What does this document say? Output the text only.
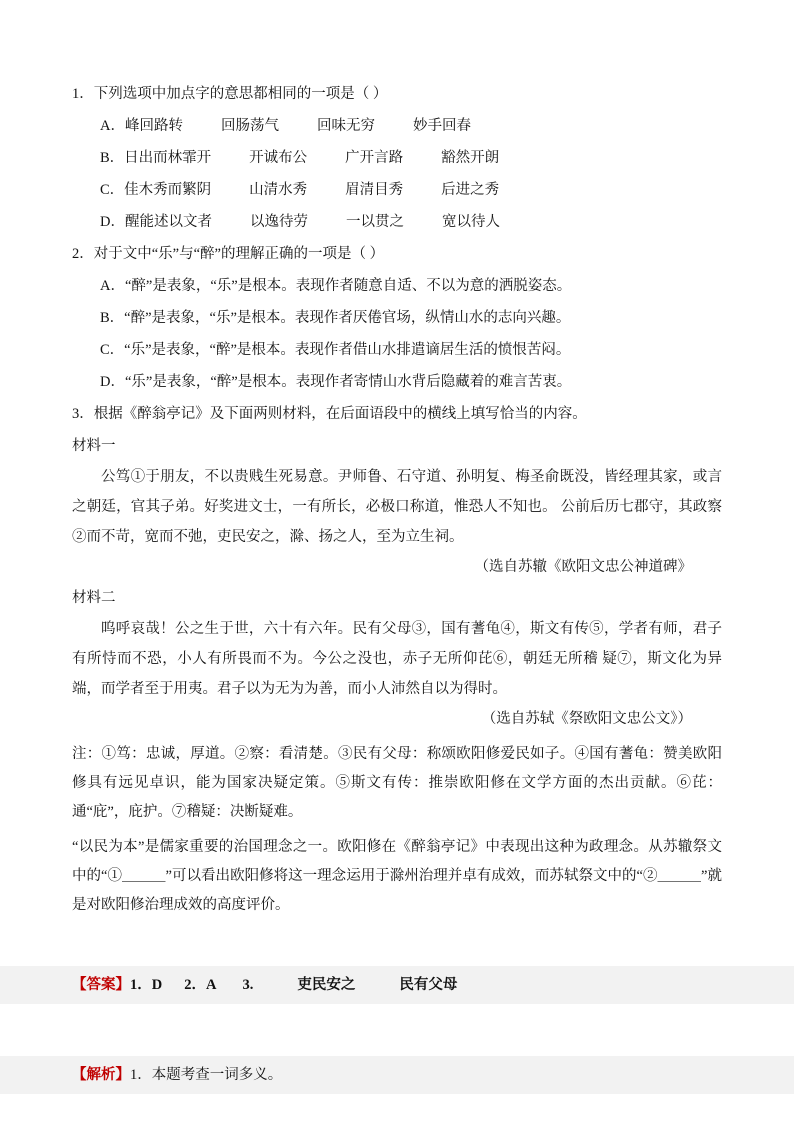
1．下列选项中加点字的意思都相同的一项是（ ）

A．峰回路转	回肠荡气	回味无穷	妙手回春

B．日出而林霏开	开诚布公	广开言路	豁然开朗

C．佳木秀而繁阴	山清水秀	眉清目秀	后进之秀

D．醒能述以文者	以逸待劳	一以贯之	宽以待人

2．对于文中“乐”与“醉”的理解正确的一项是（ ）

A．“醉”是表象，“乐”是根本。表现作者随意自适、不以为意的洒脱姿态。

B．“醉”是表象，“乐”是根本。表现作者厌倦官场，纵情山水的志向兴趣。

C．“乐”是表象，“醉”是根本。表现作者借山水排遣谪居生活的愤恨苦闷。

D．“乐”是表象，“醉”是根本。表现作者寄情山水背后隐藏着的难言苦衷。

3．根据《醉翁亭记》及下面两则材料，在后面语段中的横线上填写恰当的内容。

材料一

公笃①于朋友，不以贵贱生死易意。尹师鲁、石守道、孙明复、梅圣俞既没，皆经理其家，或言之朝廷，官其子弟。好奖进文士，一有所长，必极口称道，惟恐人不知也。 公前后历七郡守，其政察②而不苛，宽而不弛，吏民安之，滁、扬之人，至为立生祠。

（选自苏辙《欧阳文忠公神道碑》

材料二

呜呼哀哉！公之生于世，六十有六年。民有父母③，国有蓍龟④，斯文有传⑤，学者有师，君子有所恃而不恐，小人有所畏而不为。今公之没也，赤子无所仰芘⑥，朝廷无所稽 疑⑦，斯文化为异端，而学者至于用夷。君子以为无为为善，而小人沛然自以为得时。

（选自苏轼《祭欧阳文忠公文》）

注：①笃：忠诚，厚道。②察：看清楚。③民有父母：称颂欧阳修爱民如子。④国有蓍龟：赞美欧阳修具有远见卓识，能为国家决疑定策。⑤斯文有传：推崇欧阳修在文学方面的杰出贡献。⑥芘：通“庇”，庇护。⑦稽疑：决断疑难。

“以民为本”是儒家重要的治国理念之一。欧阳修在《醉翁亭记》中表现出这种为政理念。从苏辙祭文中的“①＿＿＿”可以看出欧阳修将这一理念运用于滁州治理并卓有成效，而苏轼祭文中的“②＿＿＿”就是对欧阳修治理成效的高度评价。

【答案】1．D 2．A 3.	吏民安之	民有父母
【解析】1．本题考查一词多义。
